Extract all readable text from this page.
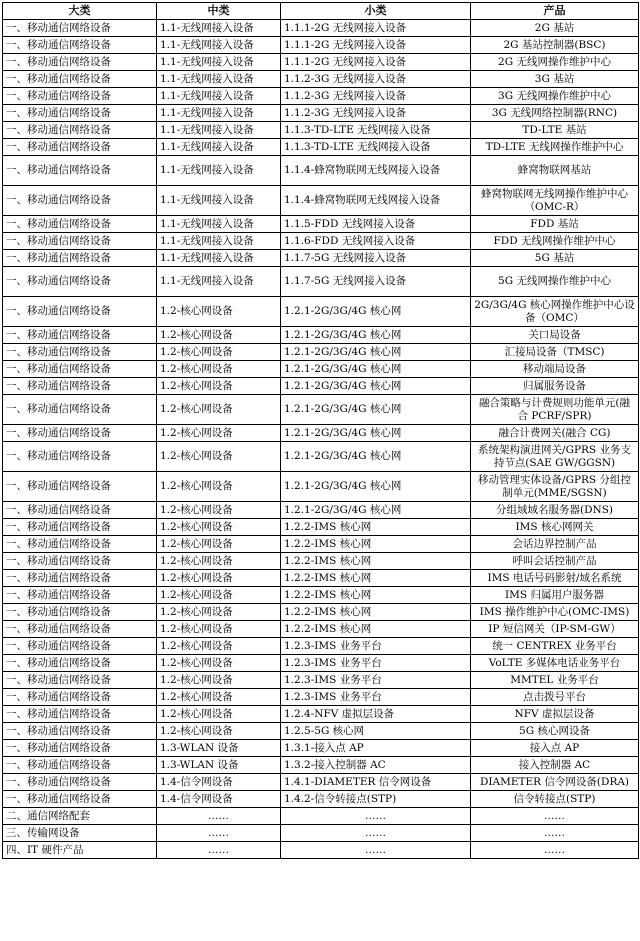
大类	中类	小类	产品
一、移动通信网络设备	1.1-无线网接入设备	1.1.1-2G 无线网接入设备	2G 基站
一、移动通信网络设备	1.1-无线网接入设备	1.1.1-2G 无线网接入设备	2G 基站控制器(BSC)
一、移动通信网络设备	1.1-无线网接入设备	1.1.1-2G 无线网接入设备	2G 无线网操作维护中心
一、移动通信网络设备	1.1-无线网接入设备	1.1.2-3G 无线网接入设备	3G 基站
一、移动通信网络设备	1.1-无线网接入设备	1.1.2-3G 无线网接入设备	3G 无线网操作维护中心
一、移动通信网络设备	1.1-无线网接入设备	1.1.2-3G 无线网接入设备	3G 无线网络控制器(RNC)
一、移动通信网络设备	1.1-无线网接入设备	1.1.3-TD-LTE 无线网接入设备	TD-LTE 基站
一、移动通信网络设备	1.1-无线网接入设备	1.1.3-TD-LTE 无线网接入设备	TD-LTE 无线网操作维护中心
一、移动通信网络设备	1.1-无线网接入设备	1.1.4-蜂窝物联网无线网接入设备	蜂窝物联网基站
一、移动通信网络设备	1.1-无线网接入设备	1.1.4-蜂窝物联网无线网接入设备	蜂窝物联网无线网操作维护中心（OMC-R）
一、移动通信网络设备	1.1-无线网接入设备	1.1.5-FDD 无线网接入设备	FDD 基站
一、移动通信网络设备	1.1-无线网接入设备	1.1.6-FDD 无线网接入设备	FDD 无线网操作维护中心
一、移动通信网络设备	1.1-无线网接入设备	1.1.7-5G 无线网接入设备	5G 基站
一、移动通信网络设备	1.1-无线网接入设备	1.1.7-5G 无线网接入设备	5G 无线网操作维护中心
一、移动通信网络设备	1.2-核心网设备	1.2.1-2G/3G/4G 核心网	2G/3G/4G 核心网操作维护中心设备（OMC）
一、移动通信网络设备	1.2-核心网设备	1.2.1-2G/3G/4G 核心网	关口局设备
一、移动通信网络设备	1.2-核心网设备	1.2.1-2G/3G/4G 核心网	汇接局设备（TMSC)
一、移动通信网络设备	1.2-核心网设备	1.2.1-2G/3G/4G 核心网	移动端局设备
一、移动通信网络设备	1.2-核心网设备	1.2.1-2G/3G/4G 核心网	归属服务设备
一、移动通信网络设备	1.2-核心网设备	1.2.1-2G/3G/4G 核心网	融合策略与计费规则功能单元(融合 PCRF/SPR)
一、移动通信网络设备	1.2-核心网设备	1.2.1-2G/3G/4G 核心网	融合计费网关(融合 CG)
一、移动通信网络设备	1.2-核心网设备	1.2.1-2G/3G/4G 核心网	系统架构演进网关/GPRS 业务支持节点(SAE GW/GGSN)
一、移动通信网络设备	1.2-核心网设备	1.2.1-2G/3G/4G 核心网	移动管理实体设备/GPRS 分组控制单元(MME/SGSN)
一、移动通信网络设备	1.2-核心网设备	1.2.1-2G/3G/4G 核心网	分组域域名服务器(DNS)
一、移动通信网络设备	1.2-核心网设备	1.2.2-IMS 核心网	IMS 核心网网关
一、移动通信网络设备	1.2-核心网设备	1.2.2-IMS 核心网	会话边界控制产品
一、移动通信网络设备	1.2-核心网设备	1.2.2-IMS 核心网	呼叫会话控制产品
一、移动通信网络设备	1.2-核心网设备	1.2.2-IMS 核心网	IMS 电话号码影射/域名系统
一、移动通信网络设备	1.2-核心网设备	1.2.2-IMS 核心网	IMS 归属用户服务器
一、移动通信网络设备	1.2-核心网设备	1.2.2-IMS 核心网	IMS 操作维护中心(OMC-IMS)
一、移动通信网络设备	1.2-核心网设备	1.2.2-IMS 核心网	IP 短信网关（IP-SM-GW）
一、移动通信网络设备	1.2-核心网设备	1.2.3-IMS 业务平台	统一 CENTREX 业务平台
一、移动通信网络设备	1.2-核心网设备	1.2.3-IMS 业务平台	VoLTE 多媒体电话业务平台
一、移动通信网络设备	1.2-核心网设备	1.2.3-IMS 业务平台	MMTEL 业务平台
一、移动通信网络设备	1.2-核心网设备	1.2.3-IMS 业务平台	点击拨号平台
一、移动通信网络设备	1.2-核心网设备	1.2.4-NFV 虚拟层设备	NFV 虚拟层设备
一、移动通信网络设备	1.2-核心网设备	1.2.5-5G 核心网	5G 核心网设备
一、移动通信网络设备	1.3-WLAN 设备	1.3.1-接入点 AP	接入点 AP
一、移动通信网络设备	1.3-WLAN 设备	1.3.2-接入控制器 AC	接入控制器 AC
一、移动通信网络设备	1.4-信令网设备	1.4.1-DIAMETER 信令网设备	DIAMETER 信令网设备(DRA)
一、移动通信网络设备	1.4-信令网设备	1.4.2-信令转接点(STP)	信令转接点(STP)
二、通信网络配套	……	……	……
三、传输网设备	……	……	……
四、IT 硬件产品	……	……	……
